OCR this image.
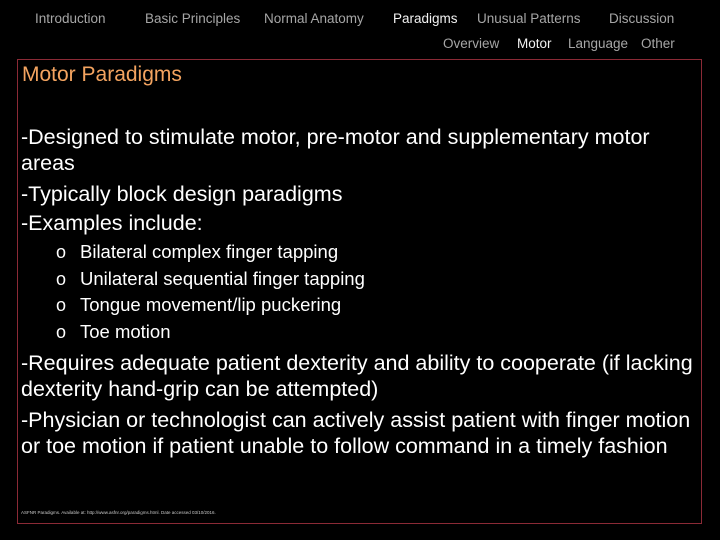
Introduction	Basic Principles Normal Anatomy Paradigms Unusual Patterns Discussion
Overview Motor Language Other
Motor Paradigms

-Designed to stimulate motor, pre-motor and supplementary motor areas

-Typically block design paradigms

-Examples include:

o Bilateral complex finger tapping
o Unilateral sequential finger tapping
o Tongue movement/lip puckering
o Toe motion

-Requires adequate patient dexterity and ability to cooperate (if lacking dexterity hand-grip can be attempted)

-Physician or technologist can actively assist patient with finger motion or toe motion if patient unable to follow command in a timely fashion

ASFNR Paradigms. Available at: http://www.asfnr.org/paradigms.html. Date accessed 03/10/2016.
